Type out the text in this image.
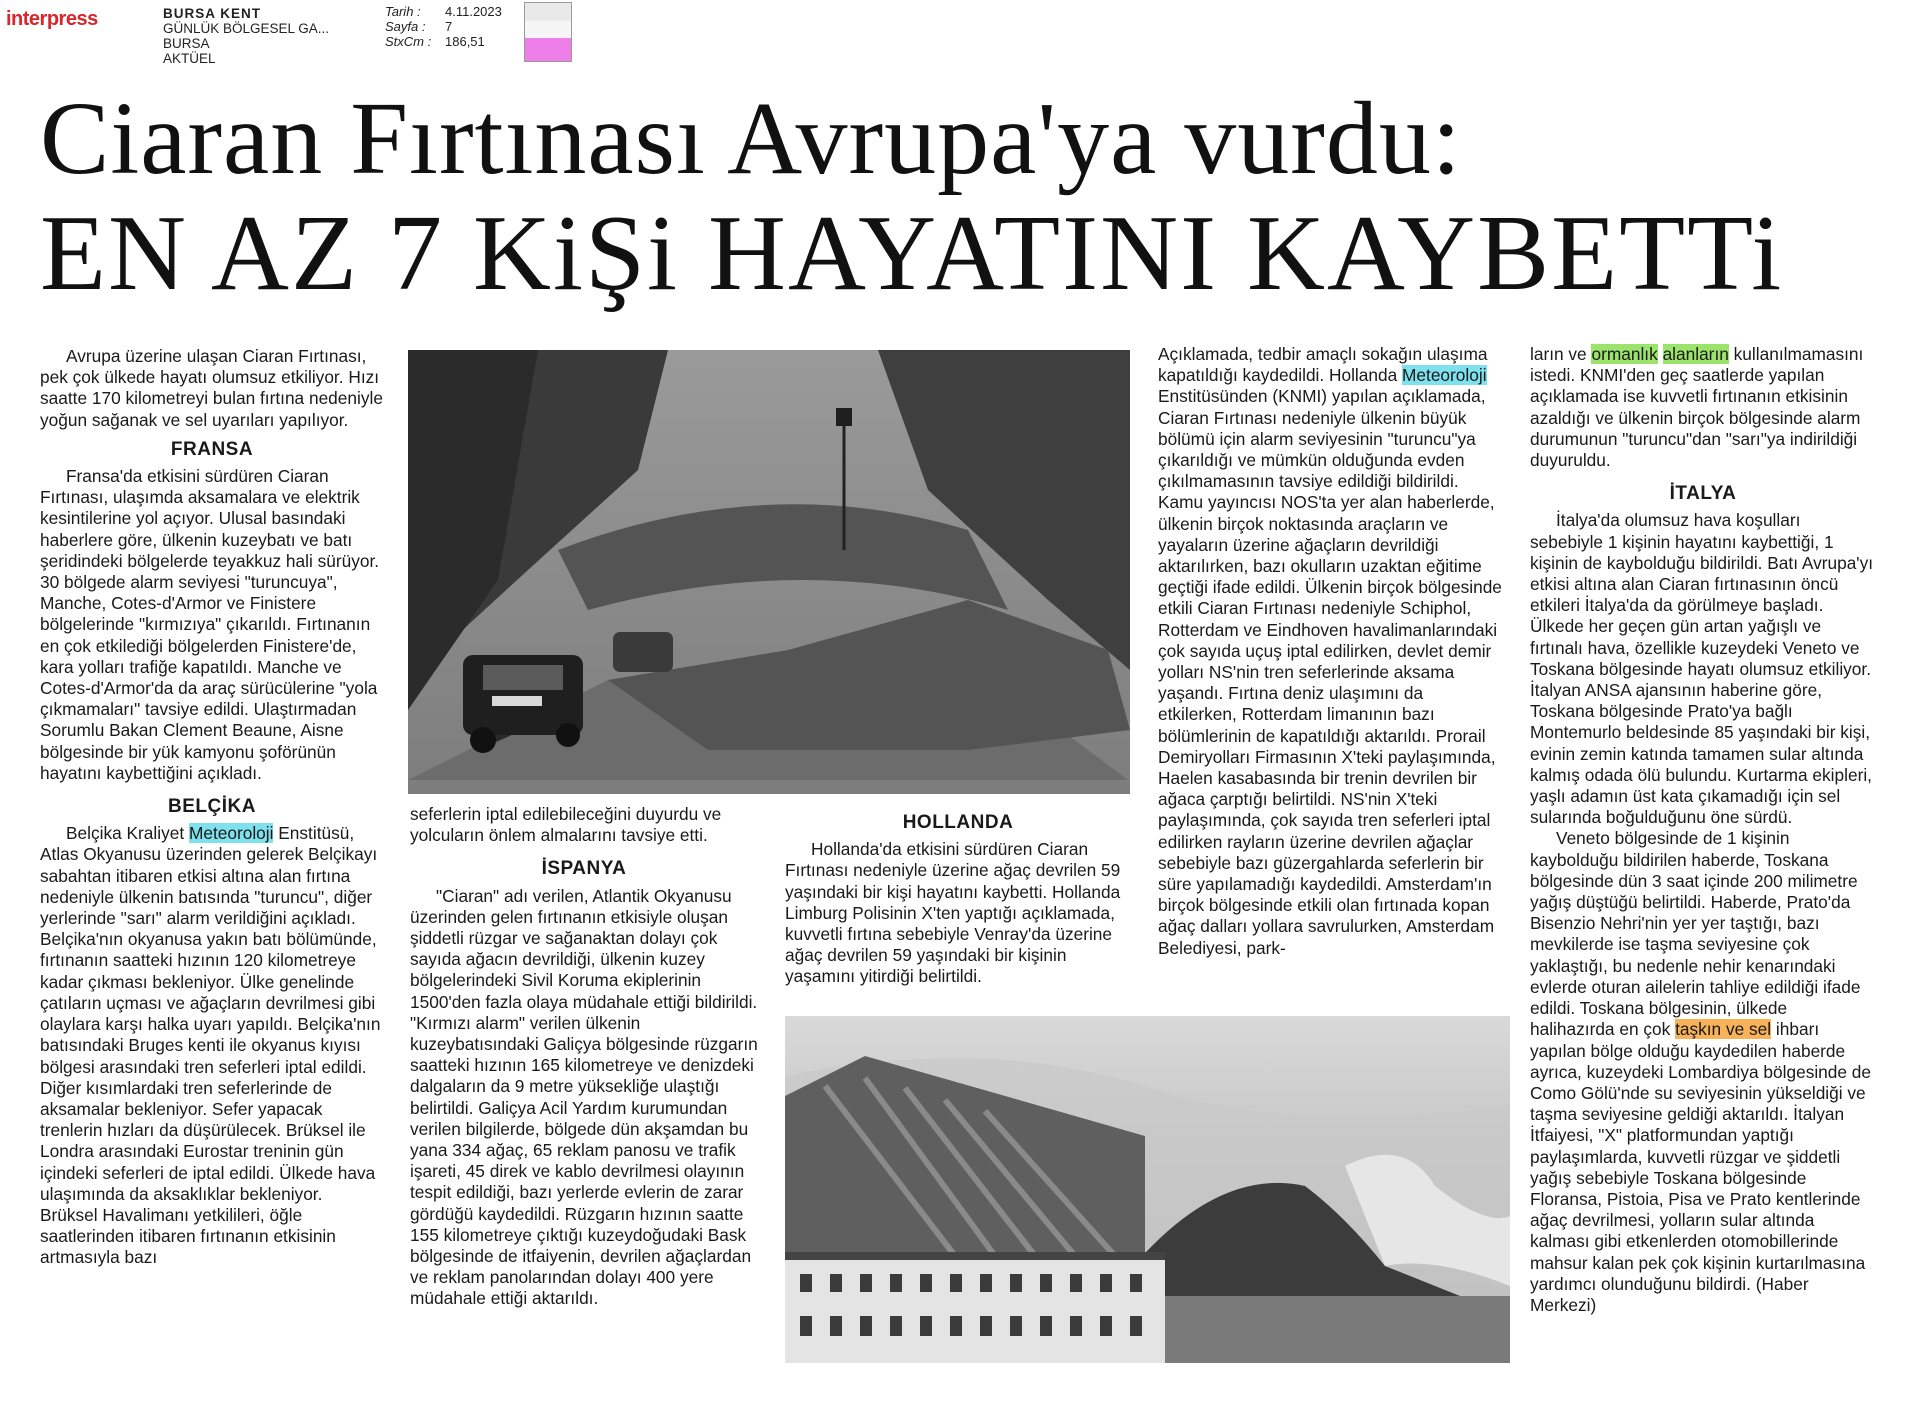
interpress	BURSA KENT
GÜNLÜK BÖLGESEL GA...
BURSA
AKTÜEL
Tarih :	4.11.2023
Sayfa :	7
StxCm :	186,51
Ciaran Fırtınası Avrupa'ya vurdu:
EN AZ 7 KiŞi HAYATINI KAYBETTi

Avrupa üzerine ulaşan Ciaran Fırtınası, pek çok ülkede hayatı olumsuz etkiliyor. Hızı saatte 170 kilometreyi bulan fırtına nedeniyle yoğun sağanak ve sel uyarıları yapılıyor.

FRANSA

Fransa'da etkisini sürdüren Ciaran Fırtınası, ulaşımda aksamalara ve elektrik kesintilerine yol açıyor. Ulusal basındaki haberlere göre, ülkenin kuzeybatı ve batı şeridindeki bölgelerde teyakkuz hali sürüyor. 30 bölgede alarm seviyesi "turuncuya", Manche, Cotes-d'Armor ve Finistere bölgelerinde "kırmızıya" çıkarıldı. Fırtınanın en çok etkilediği bölgelerden Finistere'de, kara yolları trafiğe kapatıldı. Manche ve Cotes-d'Armor'da da araç sürücülerine "yola çıkmamaları" tavsiye edildi. Ulaştırmadan Sorumlu Bakan Clement Beaune, Aisne bölgesinde bir yük kamyonu şoförünün hayatını kaybettiğini açıkladı.

BELÇİKA

Belçika Kraliyet Meteoroloji Enstitüsü, Atlas Okyanusu üzerinden gelerek Belçikayı sabahtan itibaren etkisi altına alan fırtına nedeniyle ülkenin batısında "turuncu", diğer yerlerinde "sarı" alarm verildiğini açıkladı. Belçika'nın okyanusa yakın batı bölümünde, fırtınanın saatteki hızının 120 kilometreye kadar çıkması bekleniyor. Ülke genelinde çatıların uçması ve ağaçların devrilmesi gibi olaylara karşı halka uyarı yapıldı. Belçika'nın batısındaki Bruges kenti ile okyanus kıyısı bölgesi arasındaki tren seferleri iptal edildi. Diğer kısımlardaki tren seferlerinde de aksamalar bekleniyor. Sefer yapacak trenlerin hızları da düşürülecek. Brüksel ile Londra arasındaki Eurostar treninin gün içindeki seferleri de iptal edildi. Ülkede hava ulaşımında da aksaklıklar bekleniyor. Brüksel Havalimanı yetkilileri, öğle saatlerinden itibaren fırtınanın etkisinin artmasıyla bazı

seferlerin iptal edilebileceğini duyurdu ve yolcuların önlem almalarını tavsiye etti.

İSPANYA

"Ciaran" adı verilen, Atlantik Okyanusu üzerinden gelen fırtınanın etkisiyle oluşan şiddetli rüzgar ve sağanaktan dolayı çok sayıda ağacın devrildiği, ülkenin kuzey bölgelerindeki Sivil Koruma ekiplerinin 1500'den fazla olaya müdahale ettiği bildirildi. "Kırmızı alarm" verilen ülkenin kuzeybatısındaki Galiçya bölgesinde rüzgarın saatteki hızının 165 kilometreye ve denizdeki dalgaların da 9 metre yüksekliğe ulaştığı belirtildi. Galiçya Acil Yardım kurumundan verilen bilgilerde, bölgede dün akşamdan bu yana 334 ağaç, 65 reklam panosu ve trafik işareti, 45 direk ve kablo devrilmesi olayının tespit edildiği, bazı yerlerde evlerin de zarar gördüğü kaydedildi. Rüzgarın hızının saatte 155 kilometreye çıktığı kuzeydoğudaki Bask bölgesinde de itfaiyenin, devrilen ağaçlardan ve reklam panolarından dolayı 400 yere müdahale ettiği aktarıldı.

HOLLANDA

Hollanda'da etkisini sürdüren Ciaran Fırtınası nedeniyle üzerine ağaç devrilen 59 yaşındaki bir kişi hayatını kaybetti. Hollanda Limburg Polisinin X'ten yaptığı açıklamada, kuvvetli fırtına sebebiyle Venray'da üzerine ağaç devrilen 59 yaşındaki bir kişinin yaşamını yitirdiği belirtildi.

Açıklamada, tedbir amaçlı sokağın ulaşıma kapatıldığı kaydedildi. Hollanda Meteoroloji Enstitüsünden (KNMI) yapılan açıklamada, Ciaran Fırtınası nedeniyle ülkenin büyük bölümü için alarm seviyesinin "turuncu"ya çıkarıldığı ve mümkün olduğunda evden çıkılmamasının tavsiye edildiği bildirildi. Kamu yayıncısı NOS'ta yer alan haberlerde, ülkenin birçok noktasında araçların ve yayaların üzerine ağaçların devrildiği aktarılırken, bazı okulların uzaktan eğitime geçtiği ifade edildi. Ülkenin birçok bölgesinde etkili Ciaran Fırtınası nedeniyle Schiphol, Rotterdam ve Eindhoven havalimanlarındaki çok sayıda uçuş iptal edilirken, devlet demir yolları NS'nin tren seferlerinde aksama yaşandı. Fırtına deniz ulaşımını da etkilerken, Rotterdam limanının bazı bölümlerinin de kapatıldığı aktarıldı. Prorail Demiryolları Firmasının X'teki paylaşımında, Haelen kasabasında bir trenin devrilen bir ağaca çarptığı belirtildi. NS'nin X'teki paylaşımında, çok sayıda tren seferleri iptal edilirken rayların üzerine devrilen ağaçlar sebebiyle bazı güzergahlarda seferlerin bir süre yapılamadığı kaydedildi. Amsterdam'ın birçok bölgesinde etkili olan fırtınada kopan ağaç dalları yollara savrulurken, Amsterdam Belediyesi, park-

ların ve ormanlık alanların kullanılmamasını istedi. KNMI'den geç saatlerde yapılan açıklamada ise kuvvetli fırtınanın etkisinin azaldığı ve ülkenin birçok bölgesinde alarm durumunun "turuncu"dan "sarı"ya indirildiği duyuruldu.

İTALYA

İtalya'da olumsuz hava koşulları sebebiyle 1 kişinin hayatını kaybettiği, 1 kişinin de kaybolduğu bildirildi. Batı Avrupa'yı etkisi altına alan Ciaran fırtınasının öncü etkileri İtalya'da da görülmeye başladı. Ülkede her geçen gün artan yağışlı ve fırtınalı hava, özellikle kuzeydeki Veneto ve Toskana bölgesinde hayatı olumsuz etkiliyor. İtalyan ANSA ajansının haberine göre, Toskana bölgesinde Prato'ya bağlı Montemurlo beldesinde 85 yaşındaki bir kişi, evinin zemin katında tamamen sular altında kalmış odada ölü bulundu. Kurtarma ekipleri, yaşlı adamın üst kata çıkamadığı için sel sularında boğulduğunu öne sürdü.

Veneto bölgesinde de 1 kişinin kaybolduğu bildirilen haberde, Toskana bölgesinde dün 3 saat içinde 200 milimetre yağış düştüğü belirtildi. Haberde, Prato'da Bisenzio Nehri'nin yer yer taştığı, bazı mevkilerde ise taşma seviyesine çok yaklaştığı, bu nedenle nehir kenarındaki evlerde oturan ailelerin tahliye edildiği ifade edildi. Toskana bölgesinin, ülkede halihazırda en çok taşkın ve sel ihbarı yapılan bölge olduğu kaydedilen haberde ayrıca, kuzeydeki Lombardiya bölgesinde de Como Gölü'nde su seviyesinin yükseldiği ve taşma seviyesine geldiği aktarıldı. İtalyan İtfaiyesi, "X" platformundan yaptığı paylaşımlarda, kuvvetli rüzgar ve şiddetli yağış sebebiyle Toskana bölgesinde Floransa, Pistoia, Pisa ve Prato kentlerinde ağaç devrilmesi, yolların sular altında kalması gibi etkenlerden otomobillerinde mahsur kalan pek çok kişinin kurtarılmasına yardımcı olunduğunu bildirdi. (Haber Merkezi)
